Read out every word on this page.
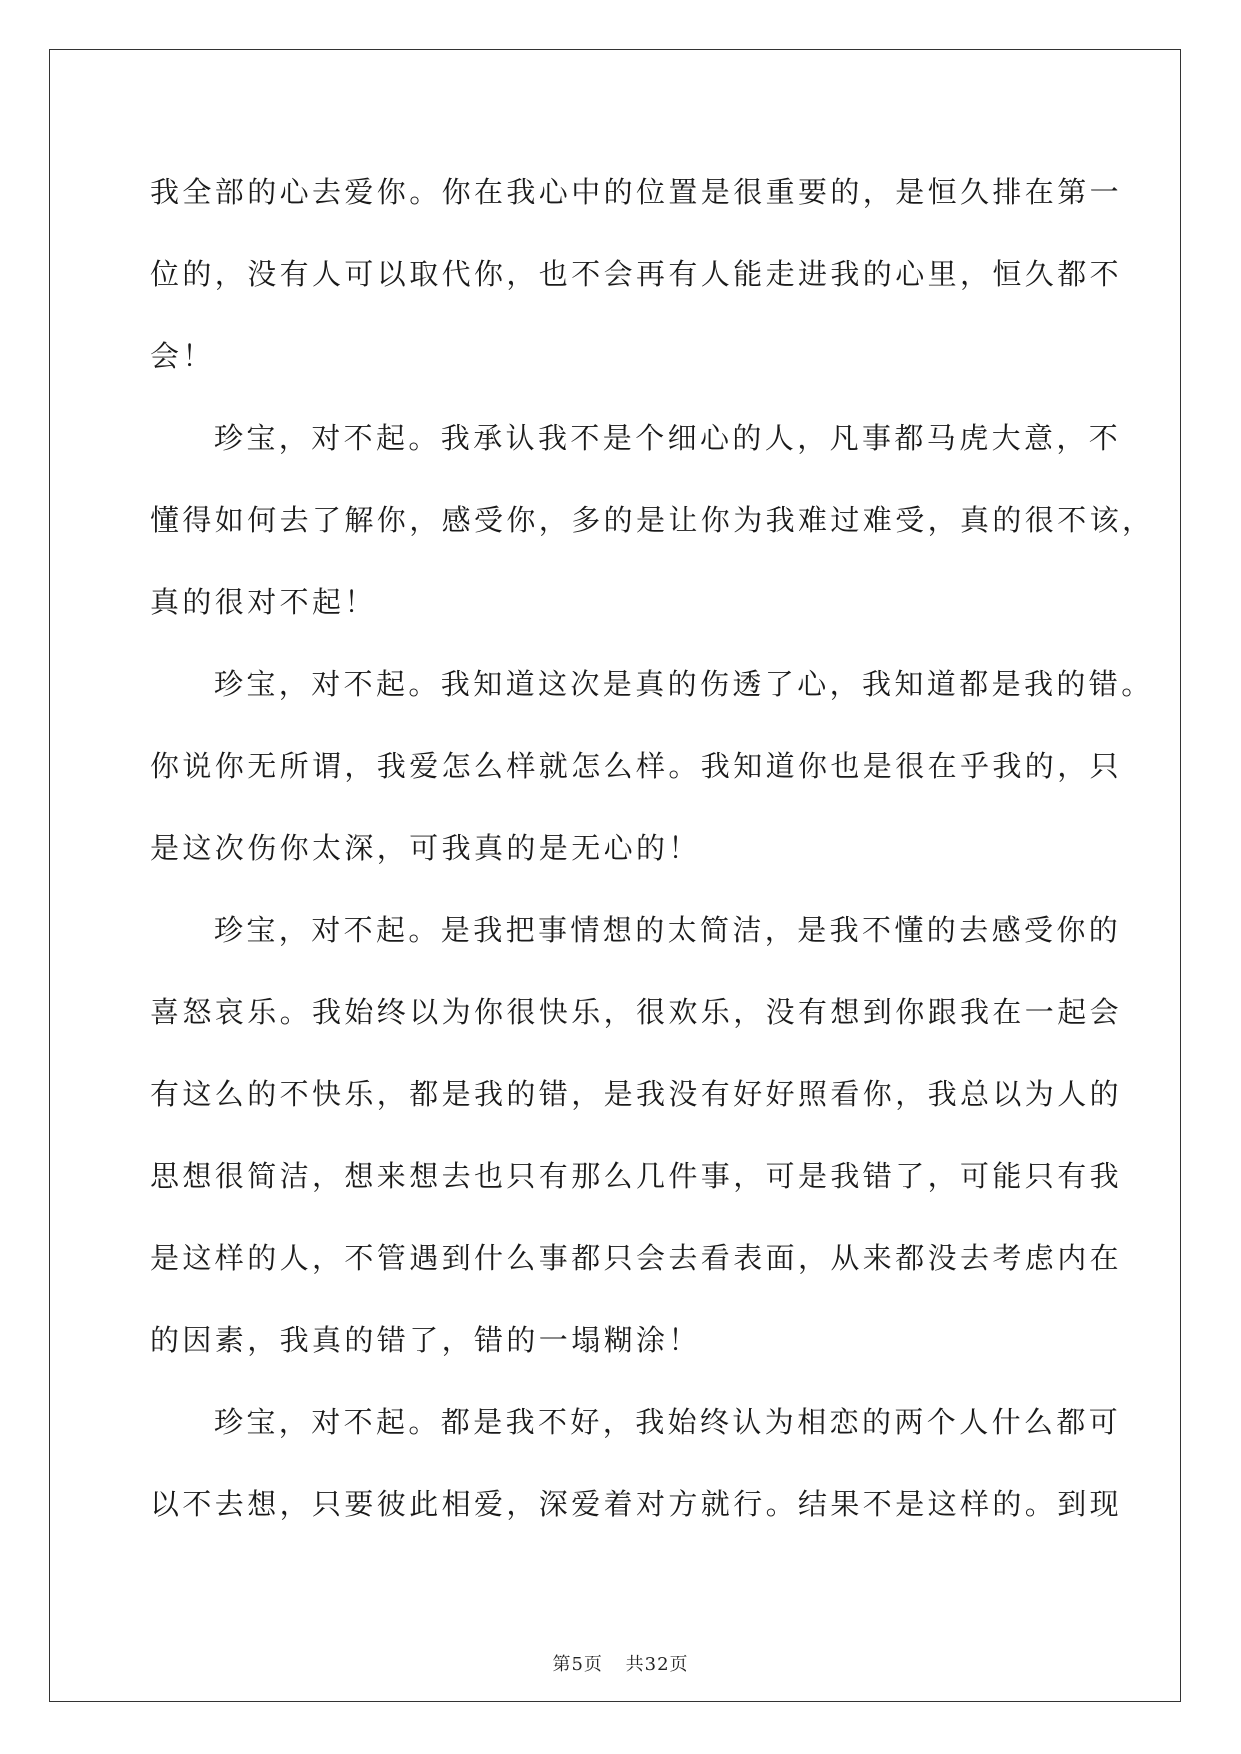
我全部的心去爱你。你在我心中的位置是很重要的，是恒久排在第一
位的，没有人可以取代你，也不会再有人能走进我的心里，恒久都不
会！
珍宝，对不起。我承认我不是个细心的人，凡事都马虎大意，不
懂得如何去了解你，感受你，多的是让你为我难过难受，真的很不该，
真的很对不起！
珍宝，对不起。我知道这次是真的伤透了心，我知道都是我的错。
你说你无所谓，我爱怎么样就怎么样。我知道你也是很在乎我的，只
是这次伤你太深，可我真的是无心的！
珍宝，对不起。是我把事情想的太简洁，是我不懂的去感受你的
喜怒哀乐。我始终以为你很快乐，很欢乐，没有想到你跟我在一起会
有这么的不快乐，都是我的错，是我没有好好照看你，我总以为人的
思想很简洁，想来想去也只有那么几件事，可是我错了，可能只有我
是这样的人，不管遇到什么事都只会去看表面，从来都没去考虑内在
的因素，我真的错了，错的一塌糊涂！
珍宝，对不起。都是我不好，我始终认为相恋的两个人什么都可
以不去想，只要彼此相爱，深爱着对方就行。结果不是这样的。到现
第5页 共32页
